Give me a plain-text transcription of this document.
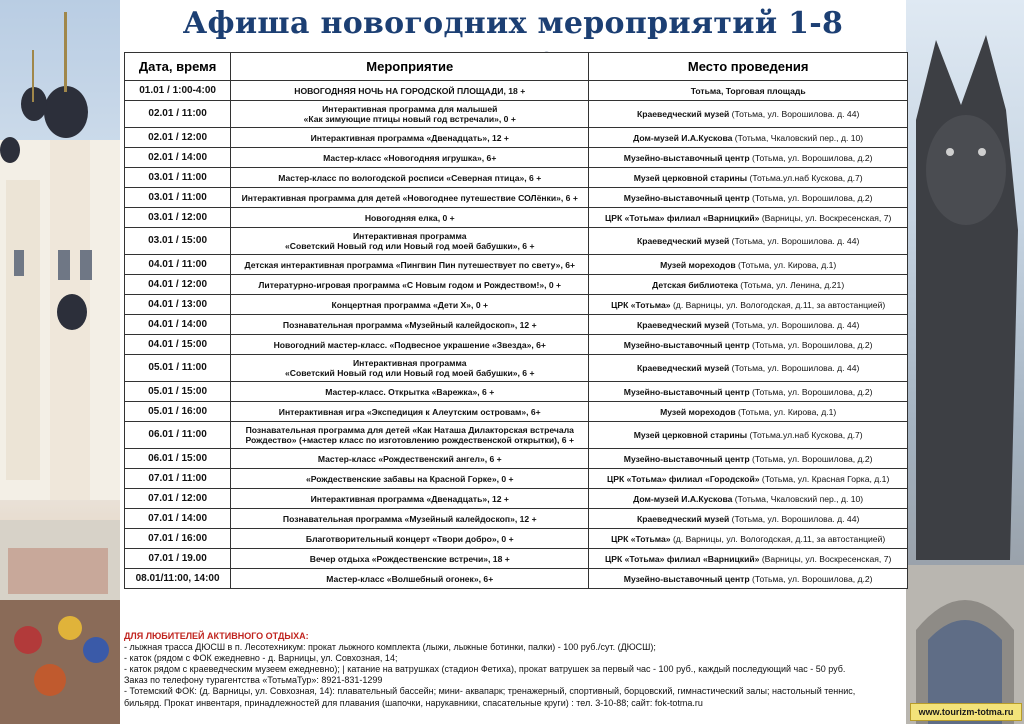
Афиша новогодних мероприятий 1-8
Дата, время	Мероприятие	Место проведения
01.01 / 1:00-4:00	НОВОГОДНЯЯ НОЧЬ НА ГОРОДСКОЙ ПЛОЩАДИ, 18 +	Тотьма, Торговая площадь
02.01 / 11:00	Интерактивная программа для малышей
«Как зимующие птицы новый год встречали», 0 +	Краеведческий музей (Тотьма, ул. Ворошилова. д. 44)
02.01 / 12:00	Интерактивная программа «Двенадцать», 12 +	Дом-музей И.А.Кускова (Тотьма, Чкаловский пер., д. 10)
02.01 / 14:00	Мастер-класс «Новогодняя игрушка», 6+	Музейно-выставочный центр (Тотьма, ул. Ворошилова, д.2)
03.01 / 11:00	Мастер-класс по вологодской росписи «Северная птица», 6 +	Музей церковной старины (Тотьма.ул.наб Кускова, д.7)
03.01 / 11:00	Интерактивная программа для детей «Новогоднее путешествие СОЛёнки», 6 +	Музейно-выставочный центр (Тотьма, ул. Ворошилова, д.2)
03.01 / 12:00	Новогодняя елка, 0 +	ЦРК «Тотьма» филиал «Варницкий» (Варницы, ул. Воскресенская, 7)
03.01 / 15:00	Интерактивная программа
«Советский Новый год или Новый год моей бабушки», 6 +	Краеведческий музей (Тотьма, ул. Ворошилова. д. 44)
04.01 / 11:00	Детская интерактивная программа «Пингвин Пин путешествует по свету», 6+	Музей мореходов (Тотьма, ул. Кирова, д.1)
04.01 / 12:00	Литературно-игровая программа «С Новым годом и Рождеством!», 0 +	Детская библиотека (Тотьма, ул. Ленина, д.21)
04.01 / 13:00	Концертная программа «Дети Х», 0 +	ЦРК «Тотьма» (д. Варницы, ул. Вологодская, д.11, за автостанцией)
04.01 / 14:00	Познавательная программа «Музейный калейдоскоп», 12 +	Краеведческий музей (Тотьма, ул. Ворошилова. д. 44)
04.01 / 15:00	Новогодний мастер-класс. «Подвесное украшение «Звезда», 6+	Музейно-выставочный центр (Тотьма, ул. Ворошилова, д.2)
05.01 / 11:00	Интерактивная программа
«Советский Новый год или Новый год моей бабушки», 6 +	Краеведческий музей (Тотьма, ул. Ворошилова. д. 44)
05.01 / 15:00	Мастер-класс. Открытка «Варежка», 6 +	Музейно-выставочный центр (Тотьма, ул. Ворошилова, д.2)
05.01 / 16:00	Интерактивная игра «Экспедиция к Алеутским островам», 6+	Музей мореходов (Тотьма, ул. Кирова, д.1)
06.01 / 11:00	Познавательная программа для детей «Как Наташа Дилакторская встречала
Рождество» (+мастер класс по изготовлению рождественской открытки), 6 +	Музей церковной старины (Тотьма.ул.наб Кускова, д.7)
06.01 / 15:00	Мастер-класс «Рождественский ангел», 6 +	Музейно-выставочный центр (Тотьма, ул. Ворошилова, д.2)
07.01 / 11:00	«Рождественские забавы на Красной Горке», 0 +	ЦРК «Тотьма» филиал «Городской» (Тотьма, ул. Красная Горка, д.1)
07.01 / 12:00	Интерактивная программа «Двенадцать», 12 +	Дом-музей И.А.Кускова (Тотьма, Чкаловский пер., д. 10)
07.01 / 14:00	Познавательная программа «Музейный калейдоскоп», 12 +	Краеведческий музей (Тотьма, ул. Ворошилова. д. 44)
07.01 / 16:00	Благотворительный концерт «Твори добро», 0 +	ЦРК «Тотьма» (д. Варницы, ул. Вологодская, д.11, за автостанцией)
07.01 / 19.00	Вечер отдыха «Рождественские встречи», 18 +	ЦРК «Тотьма» филиал «Варницкий» (Варницы, ул. Воскресенская, 7)
08.01/11:00, 14:00	Мастер-класс «Волшебный огонек», 6+	Музейно-выставочный центр (Тотьма, ул. Ворошилова, д.2)
ДЛЯ ЛЮБИТЕЛЕЙ АКТИВНОГО ОТДЫХА:
- лыжная трасса ДЮСШ в п. Лесотехникум: прокат лыжного комплекта (лыжи, лыжные ботинки, палки) - 100 руб./сут. (ДЮСШ);
- каток (рядом с ФОК ежедневно - д. Варницы, ул. Совхозная, 14;
- каток рядом с краеведческим музеем ежедневно); | катание на ватрушках (стадион Фетиха), прокат ватрушек за первый час - 100 руб., каждый последующий час - 50 руб.
Заказ по телефону турагентства «ТотьмаТур»: 8921-831-1299
- Тотемский ФОК: (д. Варницы, ул. Совхозная, 14): плавательный бассейн; мини- аквапарк; тренажерный, спортивный, борцовский, гимнастический залы; настольный теннис,
бильярд. Прокат инвентаря, принадлежностей для плавания (шапочки, нарукавники, спасательные круги) : тел. 3-10-88; сайт: fok-totma.ru
www.tourizm-totma.ru
